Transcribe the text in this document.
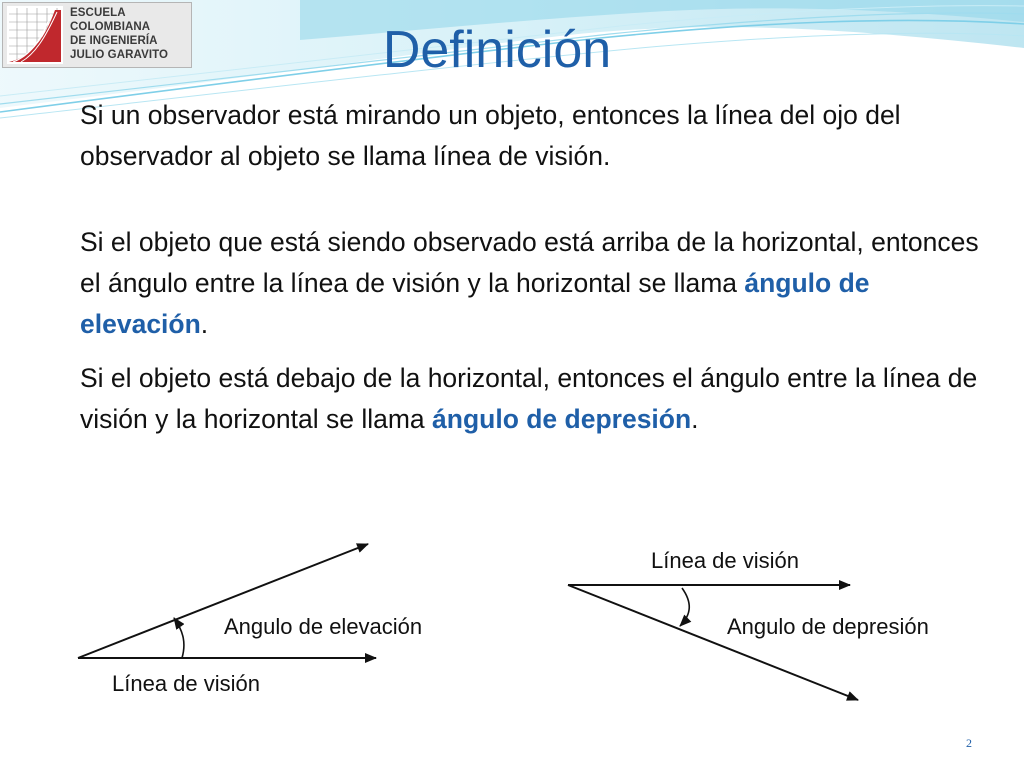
ESCUELA
COLOMBIANA
DE INGENIERÍA
JULIO GARAVITO	Definición
Si un observador está mirando un objeto, entonces la línea del ojo del observador al objeto se llama línea de visión.
Si el objeto que está siendo observado está arriba de la horizontal, entonces el ángulo entre la línea de visión y la horizontal se llama ángulo de elevación.
Si el objeto está debajo de la horizontal, entonces el ángulo entre la línea de visión y la horizontal se llama ángulo de depresión.
Angulo de elevación
Línea de visión
Línea de visión
Angulo de depresión
2
